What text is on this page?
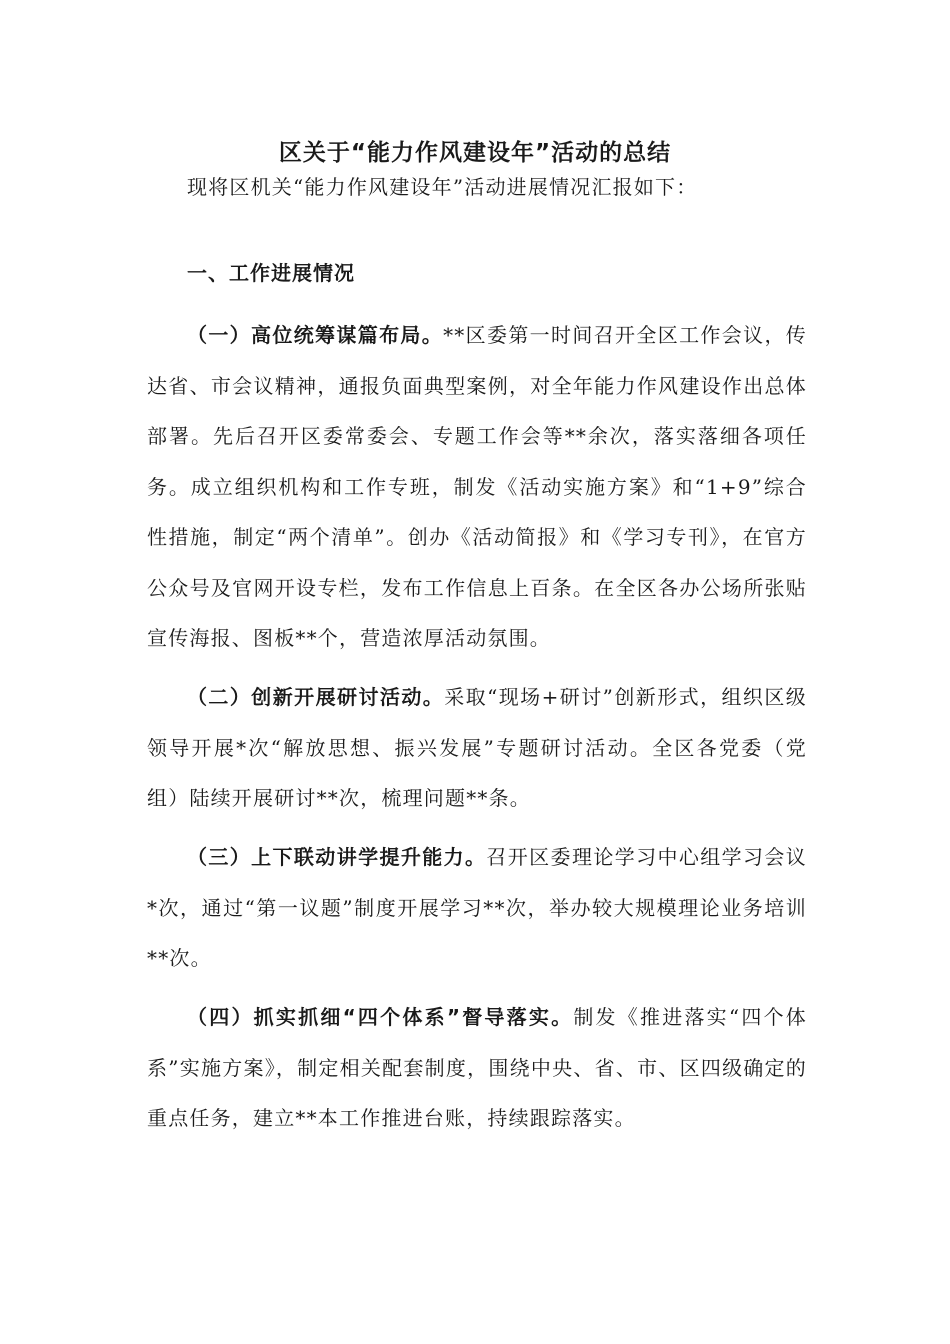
区关于“能力作风建设年”活动的总结

现将区机关“能力作风建设年”活动进展情况汇报如下：

一、工作进展情况

（一）高位统筹谋篇布局。**区委第一时间召开全区工作会议，传达省、市会议精神，通报负面典型案例，对全年能力作风建设作出总体部署。先后召开区委常委会、专题工作会等**余次，落实落细各项任务。成立组织机构和工作专班，制发《活动实施方案》和“1+9”综合性措施，制定“两个清单”。创办《活动简报》和《学习专刊》，在官方公众号及官网开设专栏，发布工作信息上百条。在全区各办公场所张贴宣传海报、图板**个，营造浓厚活动氛围。

（二）创新开展研讨活动。采取“现场+研讨”创新形式，组织区级领导开展*次“解放思想、振兴发展”专题研讨活动。全区各党委（党组）陆续开展研讨**次，梳理问题**条。

（三）上下联动讲学提升能力。召开区委理论学习中心组学习会议*次，通过“第一议题”制度开展学习**次，举办较大规模理论业务培训**次。

（四）抓实抓细“四个体系”督导落实。制发《推进落实“四个体系”实施方案》，制定相关配套制度，围绕中央、省、市、区四级确定的重点任务，建立**本工作推进台账，持续跟踪落实。
